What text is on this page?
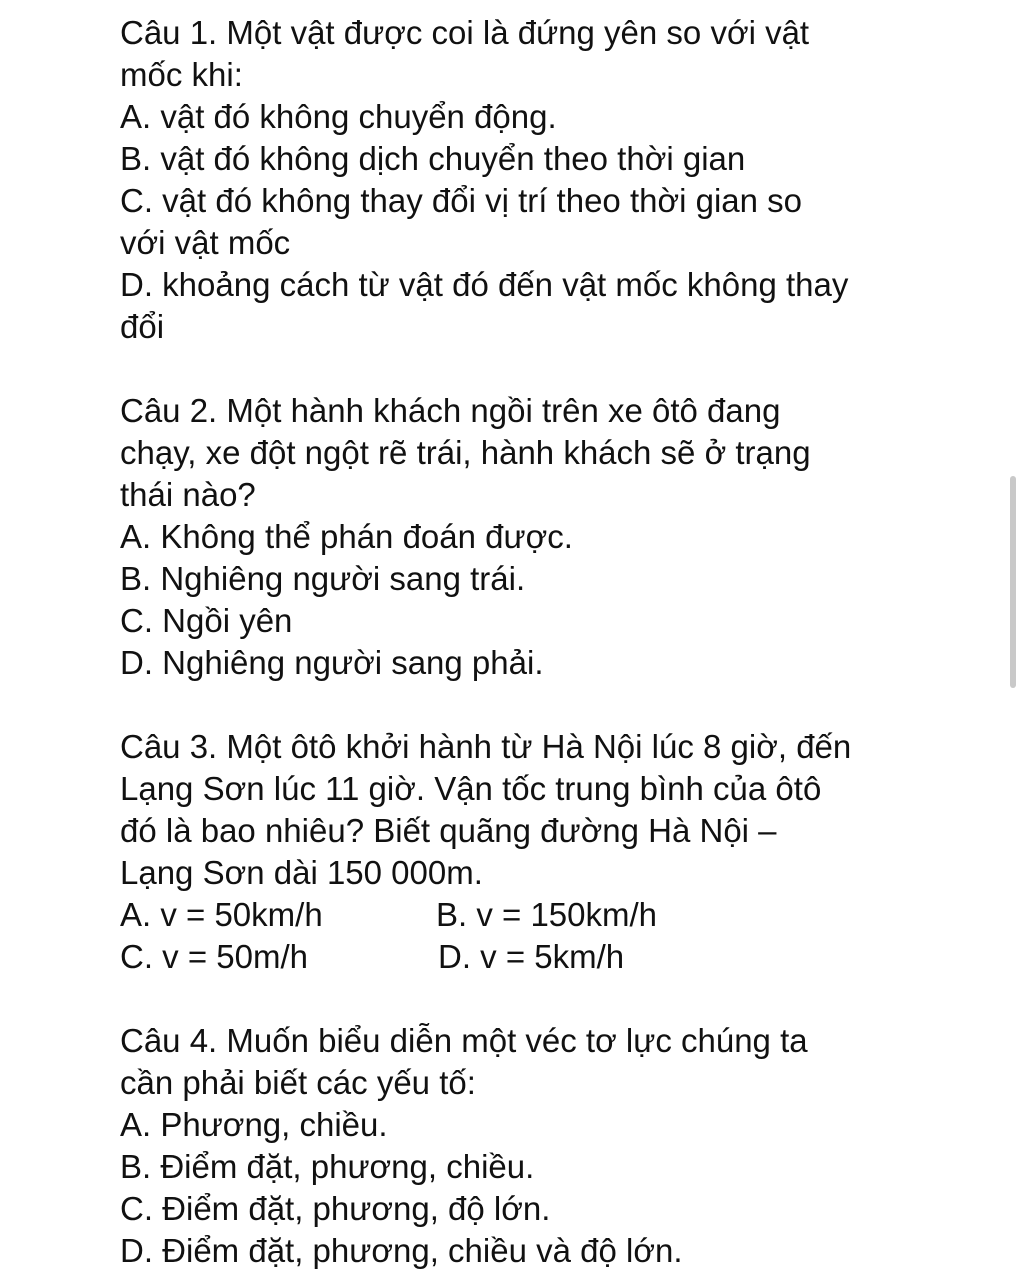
Câu 1. Một vật được coi là đứng yên so với vật
mốc khi:
A. vật đó không chuyển động.
B. vật đó không dịch chuyển theo thời gian
C. vật đó không thay đổi vị trí theo thời gian so
với vật mốc
D. khoảng cách từ vật đó đến vật mốc không thay
đổi
Câu 2. Một hành khách ngồi trên xe ôtô đang
chạy, xe đột ngột rẽ trái, hành khách sẽ ở trạng
thái nào?
A. Không thể phán đoán được.
B. Nghiêng người sang trái.
C. Ngồi yên
D. Nghiêng người sang phải.
Câu 3. Một ôtô khởi hành từ Hà Nội lúc 8 giờ, đến
Lạng Sơn lúc 11 giờ. Vận tốc trung bình của ôtô
đó là bao nhiêu? Biết quãng đường Hà Nội –
Lạng Sơn dài 150 000m.
A. v = 50km/h	B. v = 150km/h
C. v = 50m/h	D. v = 5km/h
Câu 4. Muốn biểu diễn một véc tơ lực chúng ta
cần phải biết các yếu tố:
A. Phương, chiều.
B. Điểm đặt, phương, chiều.
C. Điểm đặt, phương, độ lớn.
D. Điểm đặt, phương, chiều và độ lớn.
